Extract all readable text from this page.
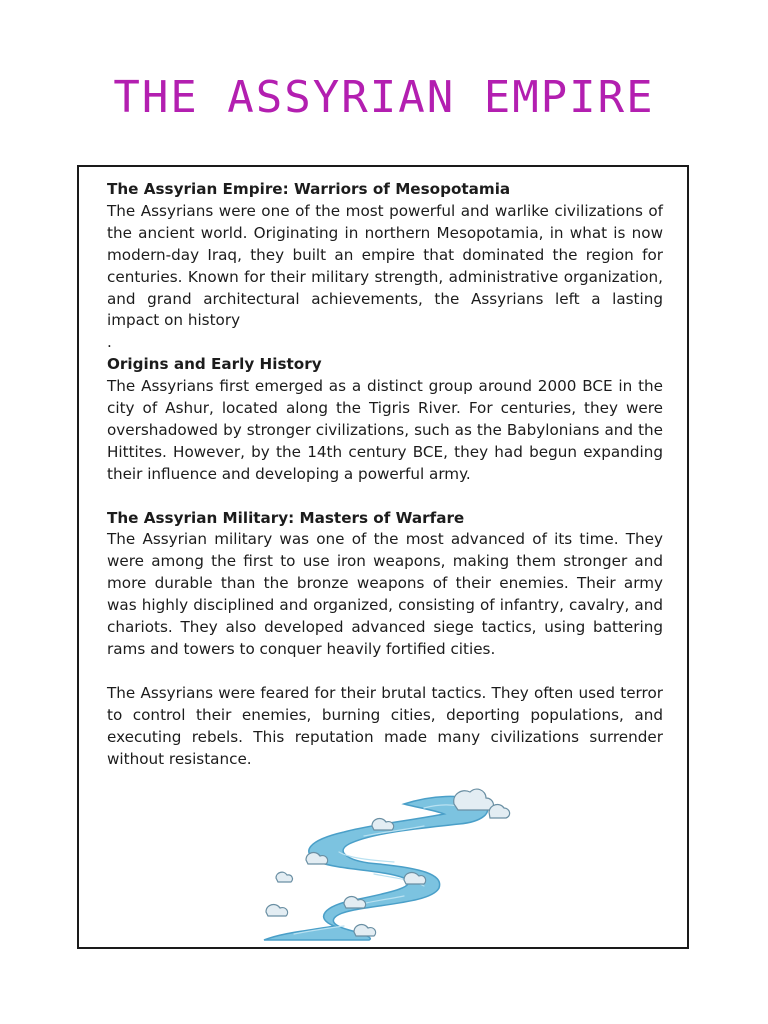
THE ASSYRIAN EMPIRE

The Assyrian Empire: Warriors of Mesopotamia

The Assyrians were one of the most powerful and warlike civilizations of the ancient world. Originating in northern Mesopotamia, in what is now modern-day Iraq, they built an empire that dominated the region for centuries. Known for their military strength, administrative organization, and grand architectural achievements, the Assyrians left a lasting impact on history

.

Origins and Early History

The Assyrians first emerged as a distinct group around 2000 BCE in the city of Ashur, located along the Tigris River. For centuries, they were overshadowed by stronger civilizations, such as the Babylonians and the Hittites. However, by the 14th century BCE, they had begun expanding their influence and developing a powerful army.

The Assyrian Military: Masters of Warfare

The Assyrian military was one of the most advanced of its time. They were among the first to use iron weapons, making them stronger and more durable than the bronze weapons of their enemies. Their army was highly disciplined and organized, consisting of infantry, cavalry, and chariots. They also developed advanced siege tactics, using battering rams and towers to conquer heavily fortified cities.

The Assyrians were feared for their brutal tactics. They often used terror to control their enemies, burning cities, deporting populations, and executing rebels. This reputation made many civilizations surrender without resistance.
